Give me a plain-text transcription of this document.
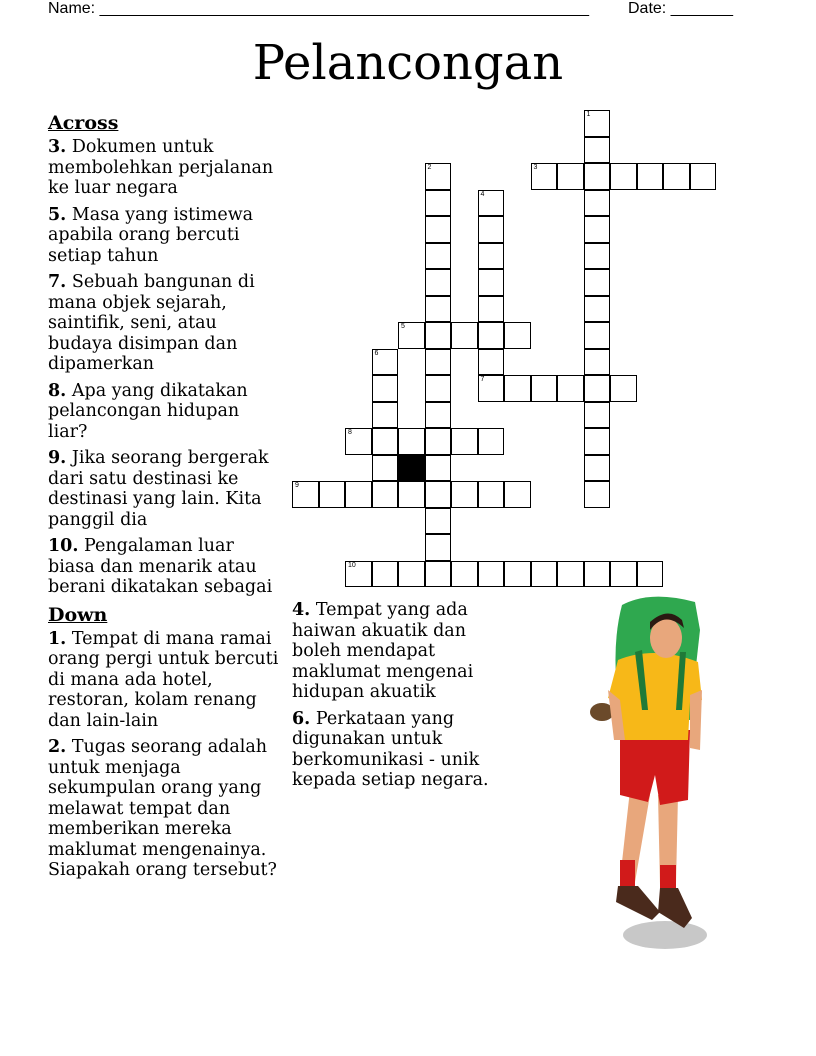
Name: _______________________________________________________ Date: _______
Pelancongan
Across
3. Dokumen untuk membolehkan perjalanan ke luar negara
5. Masa yang istimewa apabila orang bercuti setiap tahun
7. Sebuah bangunan di mana objek sejarah, saintifik, seni, atau budaya disimpan dan dipamerkan
8. Apa yang dikatakan pelancongan hidupan liar?
9. Jika seorang bergerak dari satu destinasi ke destinasi yang lain. Kita panggil dia
10. Pengalaman luar biasa dan menarik atau berani dikatakan sebagai
Down
1. Tempat di mana ramai orang pergi untuk bercuti di mana ada hotel, restoran, kolam renang dan lain-lain
2. Tugas seorang adalah untuk menjaga sekumpulan orang yang melawat tempat dan memberikan mereka maklumat mengenainya. Siapakah orang tersebut?
4. Tempat yang ada haiwan akuatik dan boleh mendapat maklumat mengenai hidupan akuatik
6. Perkataan yang digunakan untuk berkomunikasi - unik kepada setiap negara.
1
2	3
4
7
5
6
8
9
10
